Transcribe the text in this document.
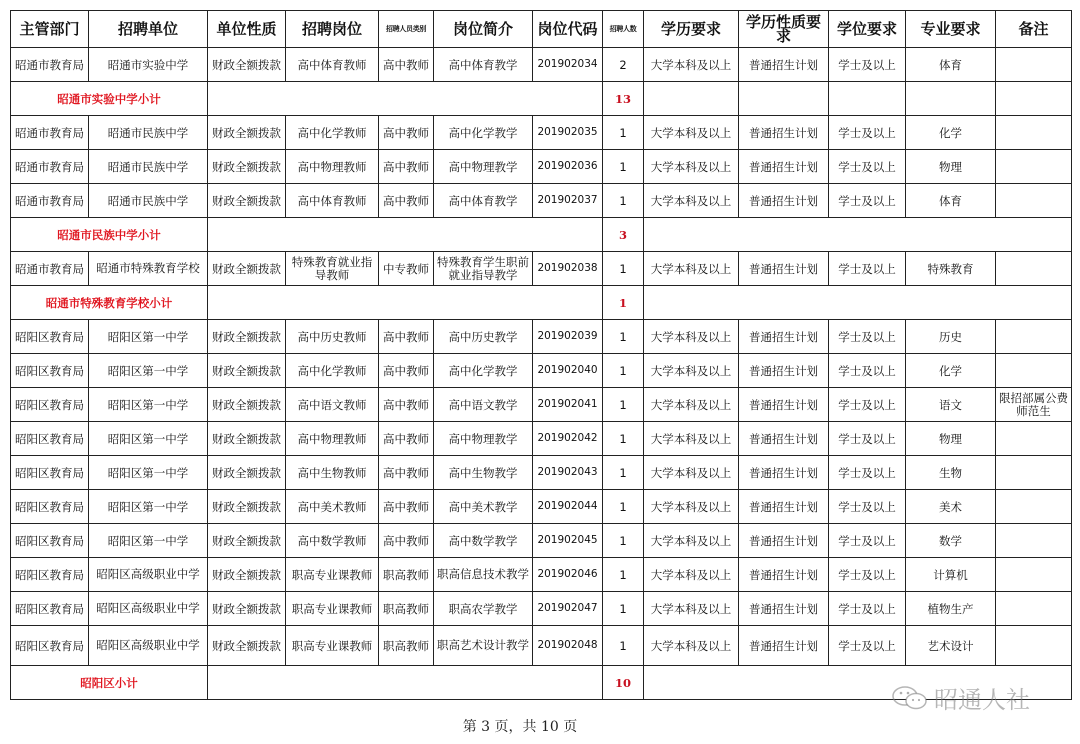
主管部门	招聘单位	单位性质	招聘岗位	招聘人员类别	岗位简介	岗位代码	招聘人数	学历要求	学历性质要求	学位要求	专业要求	备注
昭通市教育局	昭通市实验中学	财政全额拨款	高中体育教师	高中教师	高中体育教学	201902034	2	大学本科及以上	普通招生计划	学士及以上	体育	
昭通市实验中学小计							13					
昭通市教育局	昭通市民族中学	财政全额拨款	高中化学教师	高中教师	高中化学教学	201902035	1	大学本科及以上	普通招生计划	学士及以上	化学	
昭通市教育局	昭通市民族中学	财政全额拨款	高中物理教师	高中教师	高中物理教学	201902036	1	大学本科及以上	普通招生计划	学士及以上	物理	
昭通市教育局	昭通市民族中学	财政全额拨款	高中体育教师	高中教师	高中体育教学	201902037	1	大学本科及以上	普通招生计划	学士及以上	体育	
昭通市民族中学小计							3					
昭通市教育局	昭通市特殊教育学校	财政全额拨款	特殊教育就业指导教师	中专教师	特殊教育学生职前就业指导教学	201902038	1	大学本科及以上	普通招生计划	学士及以上	特殊教育	
昭通市特殊教育学校小计							1					
昭阳区教育局	昭阳区第一中学	财政全额拨款	高中历史教师	高中教师	高中历史教学	201902039	1	大学本科及以上	普通招生计划	学士及以上	历史	
昭阳区教育局	昭阳区第一中学	财政全额拨款	高中化学教师	高中教师	高中化学教学	201902040	1	大学本科及以上	普通招生计划	学士及以上	化学	
昭阳区教育局	昭阳区第一中学	财政全额拨款	高中语文教师	高中教师	高中语文教学	201902041	1	大学本科及以上	普通招生计划	学士及以上	语文	限招部属公费师范生
昭阳区教育局	昭阳区第一中学	财政全额拨款	高中物理教师	高中教师	高中物理教学	201902042	1	大学本科及以上	普通招生计划	学士及以上	物理	
昭阳区教育局	昭阳区第一中学	财政全额拨款	高中生物教师	高中教师	高中生物教学	201902043	1	大学本科及以上	普通招生计划	学士及以上	生物	
昭阳区教育局	昭阳区第一中学	财政全额拨款	高中美术教师	高中教师	高中美术教学	201902044	1	大学本科及以上	普通招生计划	学士及以上	美术	
昭阳区教育局	昭阳区第一中学	财政全额拨款	高中数学教师	高中教师	高中数学教学	201902045	1	大学本科及以上	普通招生计划	学士及以上	数学	
昭阳区教育局	昭阳区高级职业中学	财政全额拨款	职高专业课教师	职高教师	职高信息技术教学	201902046	1	大学本科及以上	普通招生计划	学士及以上	计算机	
昭阳区教育局	昭阳区高级职业中学	财政全额拨款	职高专业课教师	职高教师	职高农学教学	201902047	1	大学本科及以上	普通招生计划	学士及以上	植物生产	
昭阳区教育局	昭阳区高级职业中学	财政全额拨款	职高专业课教师	职高教师	职高艺术设计教学	201902048	1	大学本科及以上	普通招生计划	学士及以上	艺术设计	
昭阳区小计							10					
昭通人社
第 3 页，共 10 页
